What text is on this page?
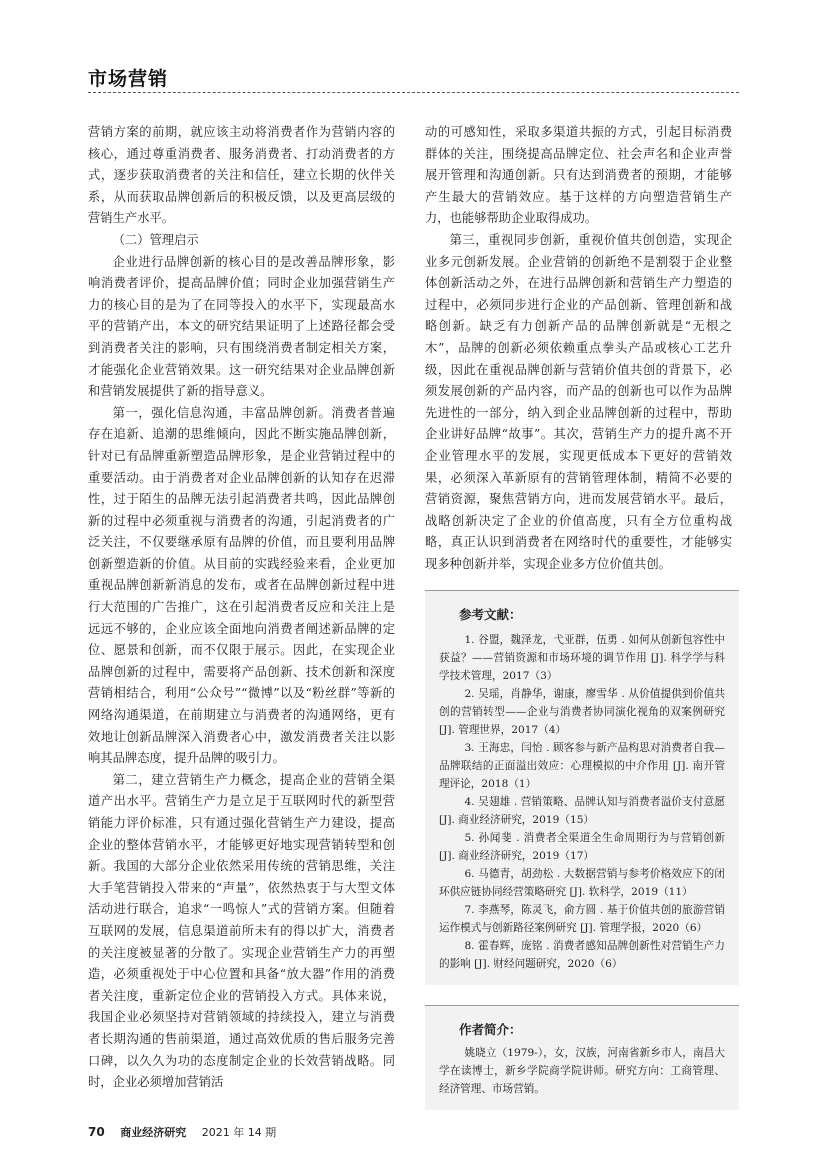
市场营销

营销方案的前期，就应该主动将消费者作为营销内容的核心，通过尊重消费者、服务消费者、打动消费者的方式，逐步获取消费者的关注和信任，建立长期的伙伴关系，从而获取品牌创新后的积极反馈，以及更高层级的营销生产水平。

（二）管理启示

企业进行品牌创新的核心目的是改善品牌形象，影响消费者评价，提高品牌价值；同时企业加强营销生产力的核心目的是为了在同等投入的水平下，实现最高水平的营销产出，本文的研究结果证明了上述路径都会受到消费者关注的影响，只有围绕消费者制定相关方案，才能强化企业营销效果。这一研究结果对企业品牌创新和营销发展提供了新的指导意义。

第一，强化信息沟通，丰富品牌创新。消费者普遍存在追新、追潮的思维倾向，因此不断实施品牌创新，针对已有品牌重新塑造品牌形象，是企业营销过程中的重要活动。由于消费者对企业品牌创新的认知存在迟滞性，过于陌生的品牌无法引起消费者共鸣，因此品牌创新的过程中必须重视与消费者的沟通，引起消费者的广泛关注，不仅要继承原有品牌的价值，而且要利用品牌创新塑造新的价值。从目前的实践经验来看，企业更加重视品牌创新新消息的发布，或者在品牌创新过程中进行大范围的广告推广，这在引起消费者反应和关注上是远远不够的，企业应该全面地向消费者阐述新品牌的定位、愿景和创新，而不仅限于展示。因此，在实现企业品牌创新的过程中，需要将产品创新、技术创新和深度营销相结合，利用“公众号”“微博”以及“粉丝群”等新的网络沟通渠道，在前期建立与消费者的沟通网络，更有效地让创新品牌深入消费者心中，激发消费者关注以影响其品牌态度，提升品牌的吸引力。

第二，建立营销生产力概念，提高企业的营销全渠道产出水平。营销生产力是立足于互联网时代的新型营销能力评价标准，只有通过强化营销生产力建设，提高企业的整体营销水平，才能够更好地实现营销转型和创新。我国的大部分企业依然采用传统的营销思维，关注大手笔营销投入带来的“声量”，依然热衷于与大型文体活动进行联合，追求“一鸣惊人”式的营销方案。但随着互联网的发展，信息渠道前所未有的得以扩大，消费者的关注度被显著的分散了。实现企业营销生产力的再塑造，必须重视处于中心位置和具备“放大器”作用的消费者关注度，重新定位企业的营销投入方式。具体来说，我国企业必须坚持对营销领域的持续投入，建立与消费者长期沟通的售前渠道，通过高效优质的售后服务完善口碑，以久久为功的态度制定企业的长效营销战略。同时，企业必须增加营销活

动的可感知性，采取多渠道共振的方式，引起目标消费群体的关注，围绕提高品牌定位、社会声名和企业声誉展开管理和沟通创新。只有达到消费者的预期，才能够产生最大的营销效应。基于这样的方向塑造营销生产力，也能够帮助企业取得成功。

第三，重视同步创新，重视价值共创创造，实现企业多元创新发展。企业营销的创新绝不是割裂于企业整体创新活动之外，在进行品牌创新和营销生产力塑造的过程中，必须同步进行企业的产品创新、管理创新和战略创新。缺乏有力创新产品的品牌创新就是“无根之木”，品牌的创新必须依赖重点拳头产品或核心工艺升级，因此在重视品牌创新与营销价值共创的背景下，必须发展创新的产品内容，而产品的创新也可以作为品牌先进性的一部分，纳入到企业品牌创新的过程中，帮助企业讲好品牌“故事”。其次，营销生产力的提升离不开企业管理水平的发展，实现更低成本下更好的营销效果，必须深入革新原有的营销管理体制，精简不必要的营销资源，聚焦营销方向，进而发展营销水平。最后，战略创新决定了企业的价值高度，只有全方位重构战略，真正认识到消费者在网络时代的重要性，才能够实现多种创新并举，实现企业多方位价值共创。

参考文献：
1. 谷盟，魏泽龙，弋亚群，伍勇 . 如何从创新包容性中获益？——营销资源和市场环境的调节作用 [J]. 科学学与科学技术管理，2017（3）
2. 吴瑶，肖静华，谢康，廖雪华 . 从价值提供到价值共创的营销转型——企业与消费者协同演化视角的双案例研究 [J]. 管理世界，2017（4）
3. 王海忠，闫怡 . 顾客参与新产品构思对消费者自我—品牌联结的正面溢出效应：心理模拟的中介作用 [J]. 南开管理评论，2018（1）
4. 吴翅雄 . 营销策略、品牌认知与消费者溢价支付意愿 [J]. 商业经济研究，2019（15）
5. 孙闻斐 . 消费者全渠道全生命周期行为与营销创新 [J]. 商业经济研究，2019（17）
6. 马德青，胡劲松 . 大数据营销与参考价格效应下的闭环供应链协同经营策略研究 [J]. 软科学，2019（11）
7. 李燕琴，陈灵飞，俞方圆 . 基于价值共创的旅游营销运作模式与创新路径案例研究 [J]. 管理学报，2020（6）
8. 霍春辉，庞铭 . 消费者感知品牌创新性对营销生产力的影响 [J]. 财经问题研究，2020（6）
作者简介：
姚晓立（1979-），女，汉族，河南省新乡市人，南昌大学在读博士，新乡学院商学院讲师。研究方向：工商管理、经济管理、市场营销。
70 商业经济研究 2021 年 14 期
